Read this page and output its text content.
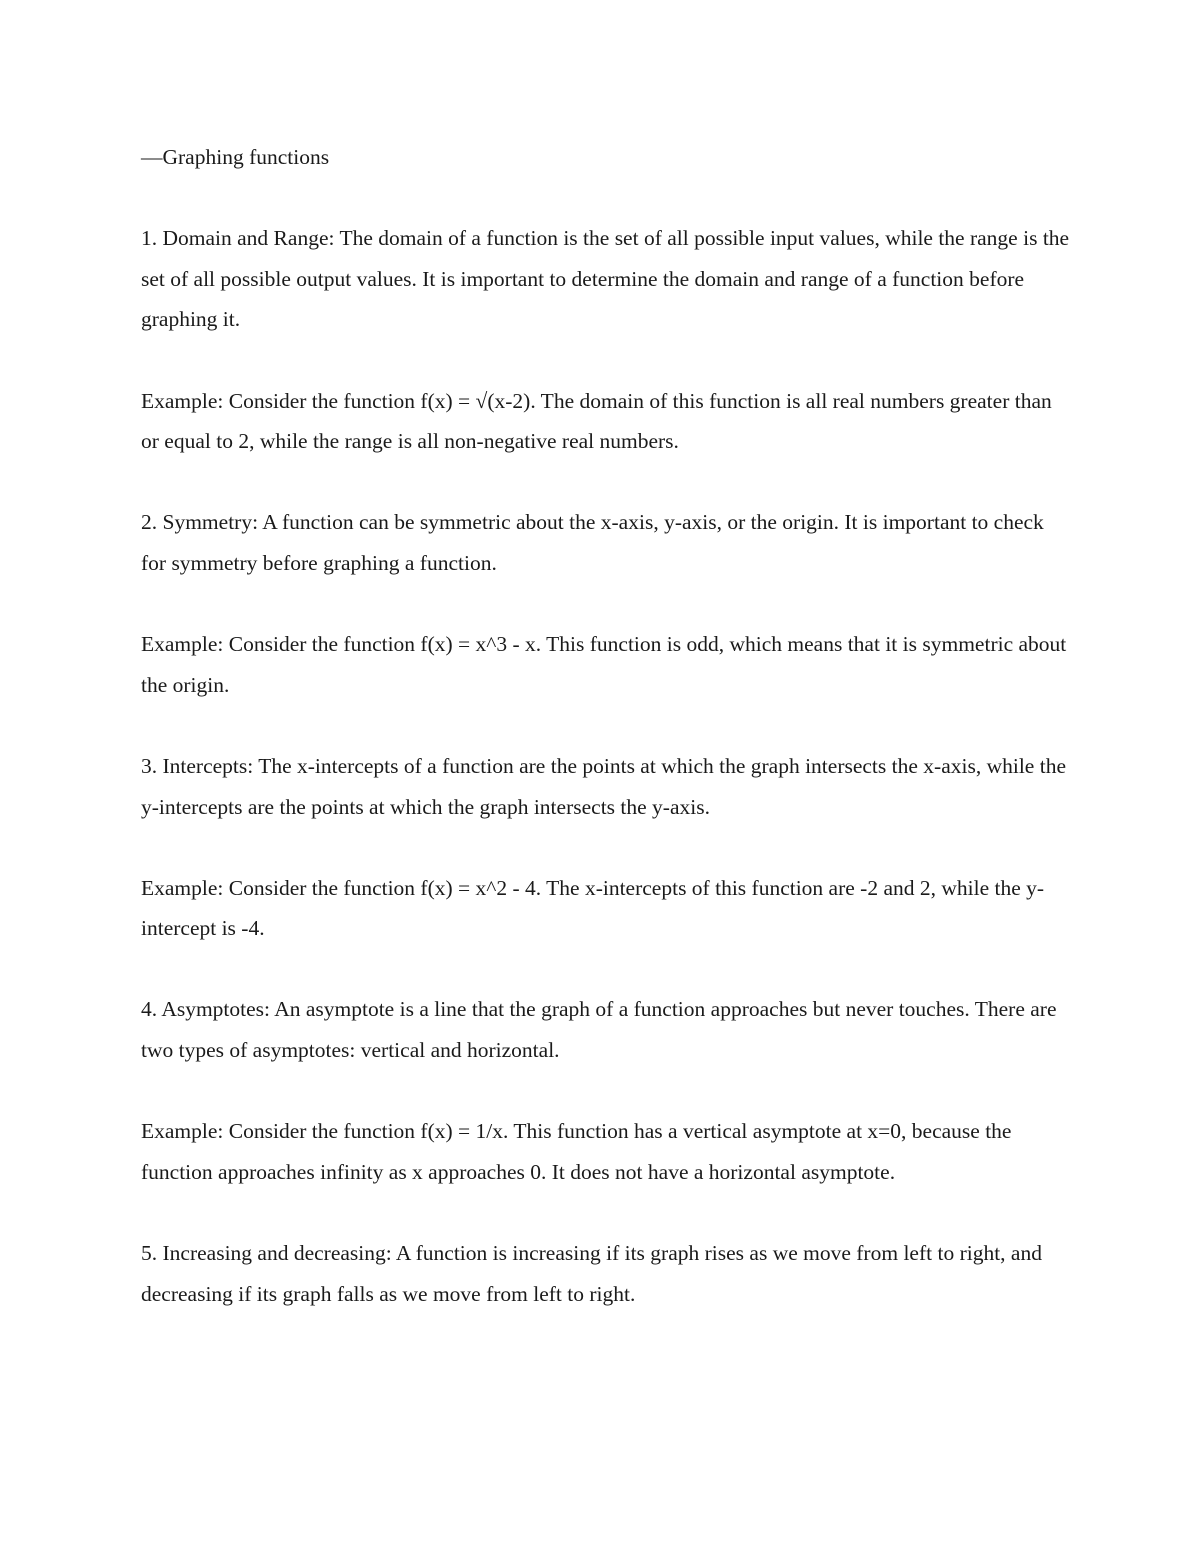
—Graphing functions

1. Domain and Range: The domain of a function is the set of all possible input values, while the range is the set of all possible output values. It is important to determine the domain and range of a function before graphing it.

Example: Consider the function f(x) = √(x-2). The domain of this function is all real numbers greater than or equal to 2, while the range is all non-negative real numbers.

2. Symmetry: A function can be symmetric about the x-axis, y-axis, or the origin. It is important to check for symmetry before graphing a function.

Example: Consider the function f(x) = x^3 - x. This function is odd, which means that it is symmetric about the origin.

3. Intercepts: The x-intercepts of a function are the points at which the graph intersects the x-axis, while the y-intercepts are the points at which the graph intersects the y-axis.

Example: Consider the function f(x) = x^2 - 4. The x-intercepts of this function are -2 and 2, while the y-intercept is -4.

4. Asymptotes: An asymptote is a line that the graph of a function approaches but never touches. There are two types of asymptotes: vertical and horizontal.

Example: Consider the function f(x) = 1/x. This function has a vertical asymptote at x=0, because the function approaches infinity as x approaches 0. It does not have a horizontal asymptote.

5. Increasing and decreasing: A function is increasing if its graph rises as we move from left to right, and decreasing if its graph falls as we move from left to right.
